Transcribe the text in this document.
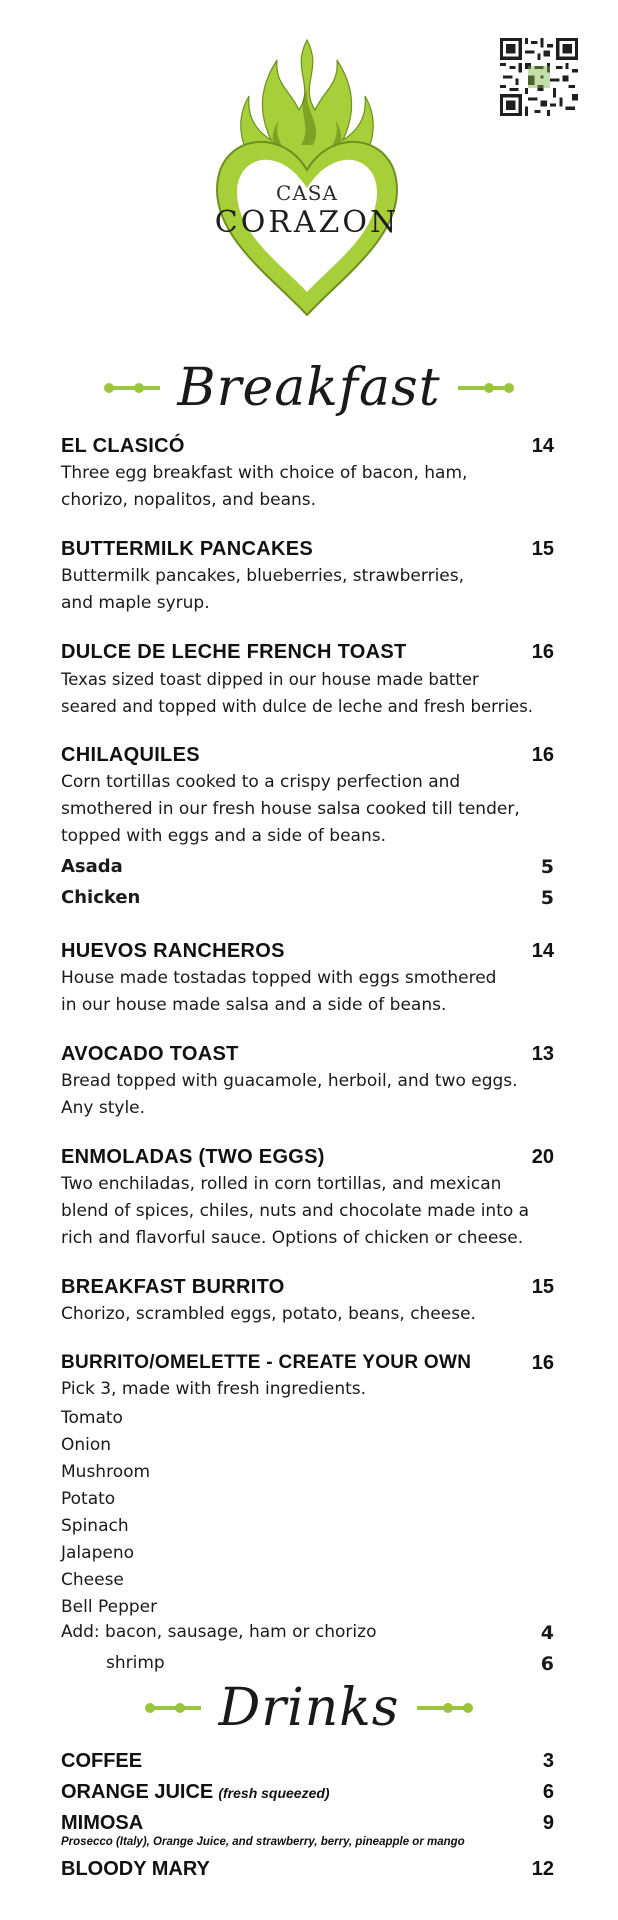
CASA
CORAZON
Breakfast
EL CLASICÓ	14
Three egg breakfast with choice of bacon, ham,
chorizo, nopalitos, and beans.
BUTTERMILK PANCAKES	15
Buttermilk pancakes, blueberries, strawberries,
and maple syrup.
DULCE DE LECHE FRENCH TOAST	16
Texas sized toast dipped in our house made batter
seared and topped with dulce de leche and fresh berries.
CHILAQUILES	16
Corn tortillas cooked to a crispy perfection and
smothered in our fresh house salsa cooked till tender,
topped with eggs and a side of beans.
Asada	5
Chicken	5
HUEVOS RANCHEROS	14
House made tostadas topped with eggs smothered
in our house made salsa and a side of beans.
AVOCADO TOAST	13
Bread topped with guacamole, herboil, and two eggs.
Any style.
ENMOLADAS (TWO EGGS)	20
Two enchiladas, rolled in corn tortillas, and mexican
blend of spices, chiles, nuts and chocolate made into a
rich and flavorful sauce. Options of chicken or cheese.
BREAKFAST BURRITO	15
Chorizo, scrambled eggs, potato, beans, cheese.
BURRITO/OMELETTE - CREATE YOUR OWN	16
Pick 3, made with fresh ingredients.
Tomato
Onion
Mushroom
Potato
Spinach
Jalapeno
Cheese
Bell Pepper
Add: bacon, sausage, ham or chorizo	4
shrimp	6
Drinks
COFFEE	3
ORANGE JUICE (fresh squeezed)	6
MIMOSA	9
Prosecco (Italy), Orange Juice, and strawberry, berry, pineapple or mango
BLOODY MARY	12
